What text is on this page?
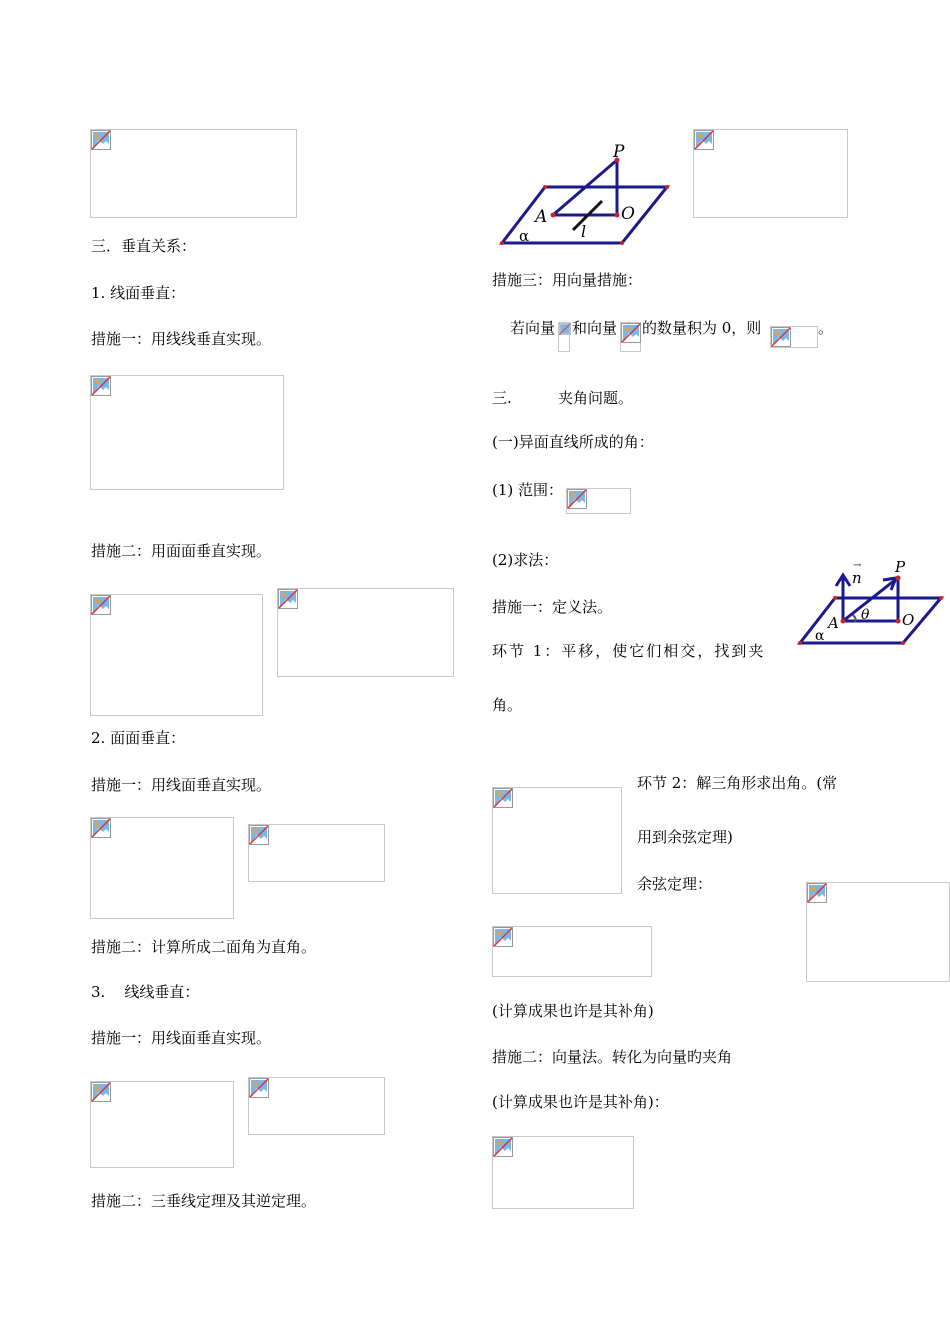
三．垂直关系：
1. 线面垂直：
措施一：用线线垂直实现。
措施二：用面面垂直实现。
2. 面面垂直：
措施一：用线面垂直实现。
措施二：计算所成二面角为直角。
3.    线线垂直：
措施一：用线面垂直实现。
措施二：三垂线定理及其逆定理。
P
A	O
l
α
措施三：用向量措施：
若向量 和向量 的数量积为 0，则	。
三.	夹角问题。
(一)异面直线所成的角：
(1) 范围：
(2)求法：
措施一：定义法。
环节 1：平移，使它们相交，找到夹
角。
→
n
P
θ
A	O
α
环节 2：解三角形求出角。(常
用到余弦定理)
余弦定理：
(计算成果也许是其补角)
措施二：向量法。转化为向量旳夹角
(计算成果也许是其补角)：
